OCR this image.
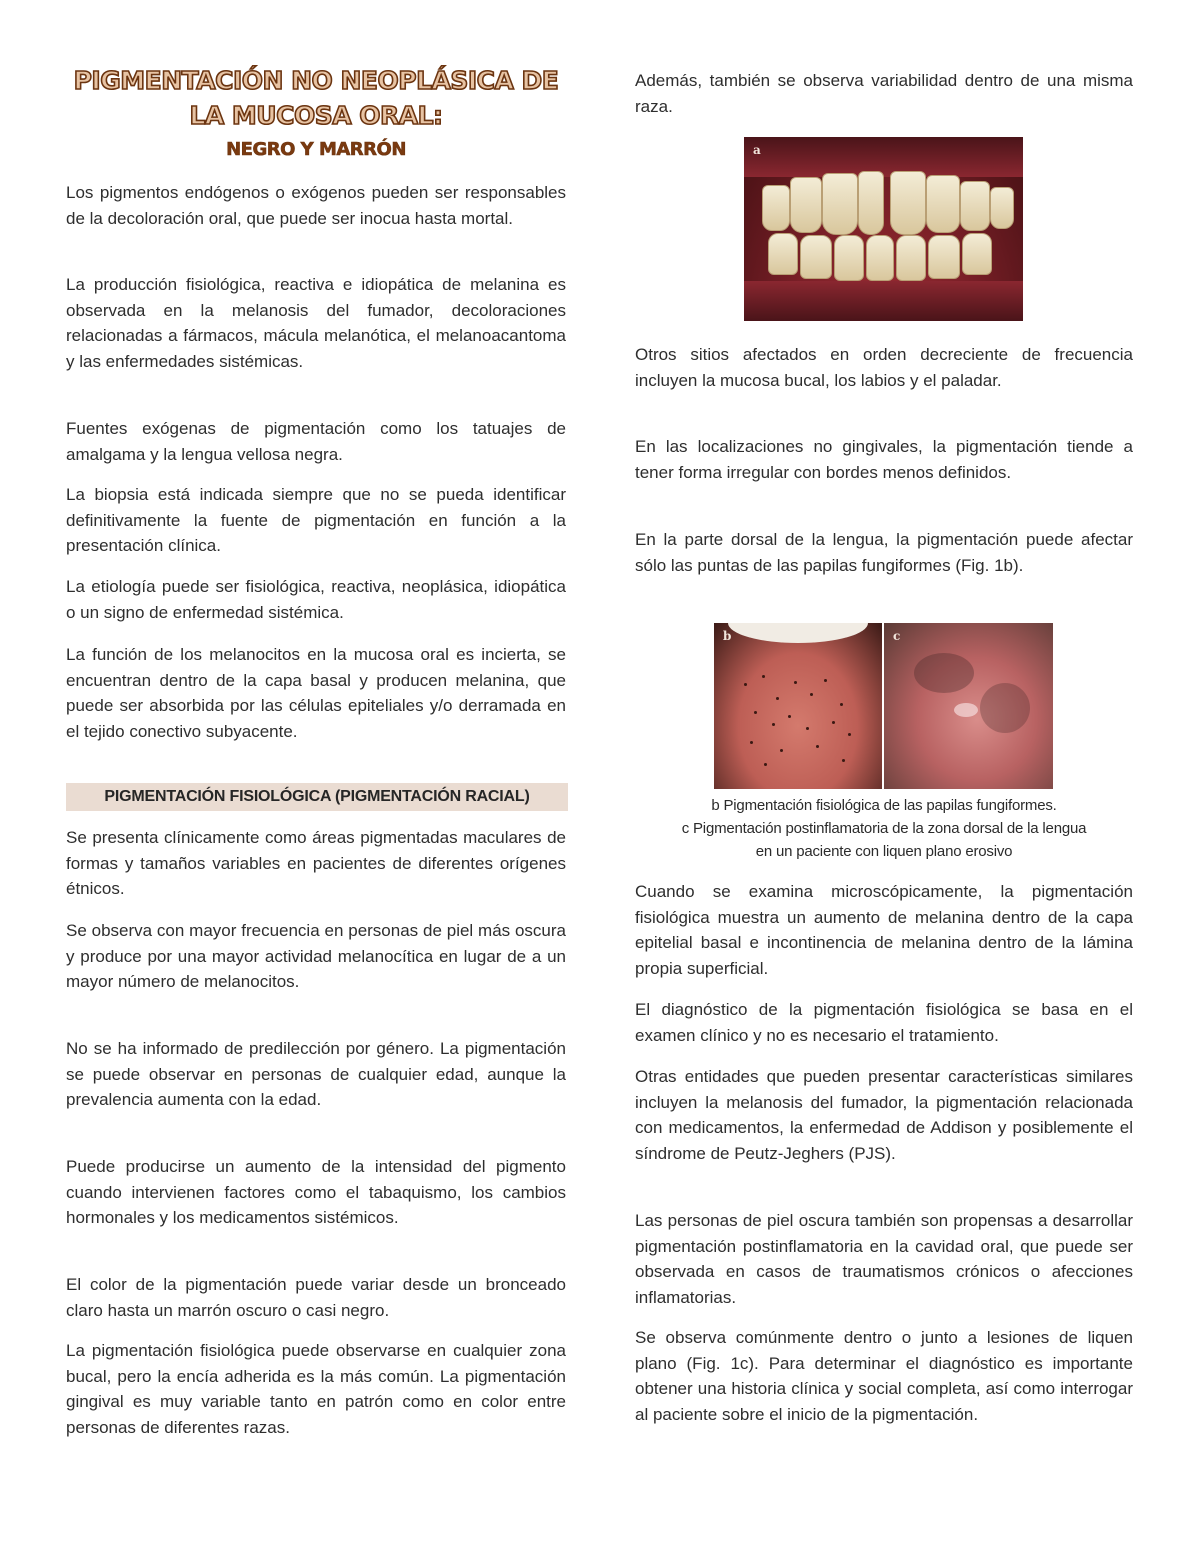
PIGMENTACIÓN NO NEOPLÁSICA DE
LA MUCOSA ORAL:
NEGRO Y MARRÓN

Los pigmentos endógenos o exógenos pueden ser responsables de la decoloración oral, que puede ser inocua hasta mortal.

La producción fisiológica, reactiva e idiopática de melanina es observada en la melanosis del fumador, decoloraciones relacionadas a fármacos, mácula melanótica, el melanoacantoma y las enfermedades sistémicas.

Fuentes exógenas de pigmentación como los tatuajes de amalgama y la lengua vellosa negra.

La biopsia está indicada siempre que no se pueda identificar definitivamente la fuente de pigmentación en función a la presentación clínica.

La etiología puede ser fisiológica, reactiva, neoplásica, idiopática o un signo de enfermedad sistémica.

La función de los melanocitos en la mucosa oral es incierta, se encuentran dentro de la capa basal y producen melanina, que puede ser absorbida por las células epiteliales y/o derramada en el tejido conectivo subyacente.

PIGMENTACIÓN FISIOLÓGICA (PIGMENTACIÓN RACIAL)

Se presenta clínicamente como áreas pigmentadas maculares de formas y tamaños variables en pacientes de diferentes orígenes étnicos.

Se observa con mayor frecuencia en personas de piel más oscura y produce por una mayor actividad melanocítica en lugar de a un mayor número de melanocitos.

No se ha informado de predilección por género. La pigmentación se puede observar en personas de cualquier edad, aunque la prevalencia aumenta con la edad.

Puede producirse un aumento de la intensidad del pigmento cuando intervienen factores como el tabaquismo, los cambios hormonales y los medicamentos sistémicos.

El color de la pigmentación puede variar desde un bronceado claro hasta un marrón oscuro o casi negro.

La pigmentación fisiológica puede observarse en cualquier zona bucal, pero la encía adherida es la más común. La pigmentación gingival es muy variable tanto en patrón como en color entre personas de diferentes razas.

Además, también se observa variabilidad dentro de una misma raza.

a

Otros sitios afectados en orden decreciente de frecuencia incluyen la mucosa bucal, los labios y el paladar.

En las localizaciones no gingivales, la pigmentación tiende a tener forma irregular con bordes menos definidos.

En la parte dorsal de la lengua, la pigmentación puede afectar sólo las puntas de las papilas fungiformes (Fig. 1b).

b	c

b Pigmentación fisiológica de las papilas fungiformes.

c Pigmentación postinflamatoria de la zona dorsal de la lengua

en un paciente con liquen plano erosivo

Cuando se examina microscópicamente, la pigmentación fisiológica muestra un aumento de melanina dentro de la capa epitelial basal e incontinencia de melanina dentro de la lámina propia superficial.

El diagnóstico de la pigmentación fisiológica se basa en el examen clínico y no es necesario el tratamiento.

Otras entidades que pueden presentar características similares incluyen la melanosis del fumador, la pigmentación relacionada con medicamentos, la enfermedad de Addison y posiblemente el síndrome de Peutz-Jeghers (PJS).

Las personas de piel oscura también son propensas a desarrollar pigmentación postinflamatoria en la cavidad oral, que puede ser observada en casos de traumatismos crónicos o afecciones inflamatorias.

Se observa comúnmente dentro o junto a lesiones de liquen plano (Fig. 1c). Para determinar el diagnóstico es importante obtener una historia clínica y social completa, así como interrogar al paciente sobre el inicio de la pigmentación.
